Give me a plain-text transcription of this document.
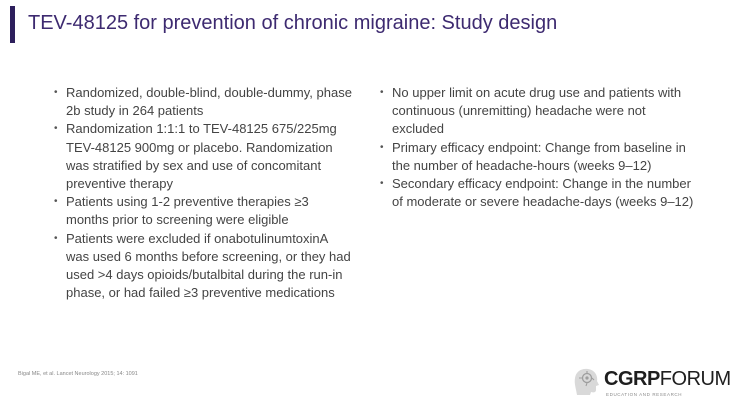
TEV-48125 for prevention of chronic migraine: Study design
• Randomized, double-blind, double-dummy, phase 2b study in 264 patients
• Randomization 1:1:1 to TEV-48125 675/225mg TEV-48125 900mg or placebo. Randomization was stratified by sex and use of concomitant preventive therapy
• Patients using 1-2 preventive therapies ≥3 months prior to screening were eligible
• Patients were excluded if onabotulinumtoxinA was used 6 months before screening, or they had used >4 days opioids/butalbital during the run-in phase, or had failed ≥3 preventive medications
• No upper limit on acute drug use and patients with continuous (unremitting) headache were not excluded
• Primary efficacy endpoint: Change from baseline in the number of headache-hours (weeks 9–12)
• Secondary efficacy endpoint: Change in the number of moderate or severe headache-days (weeks 9–12)
Bigal ME, et al. Lancet Neurology 2015; 14: 1091	CGRPFORUM
EDUCATION AND RESEARCH
